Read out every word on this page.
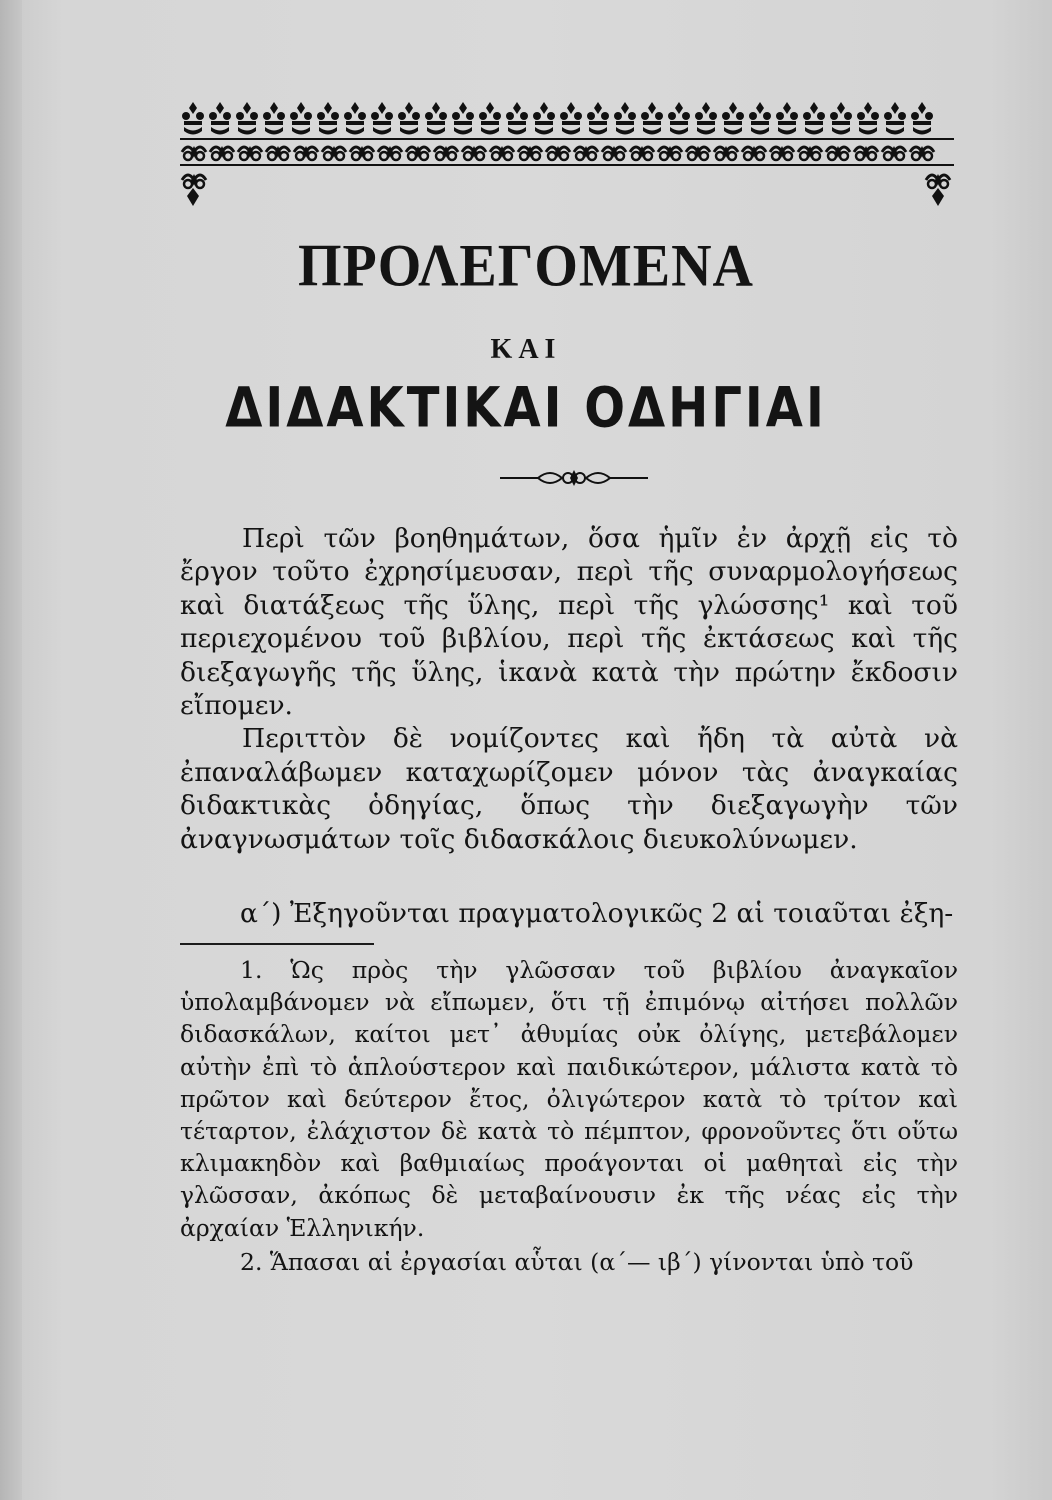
ΠΡΟΛΕΓΟΜΕΝΑ
ΚΑΙ
ΔΙΔΑΚΤΙΚΑΙ ΟΔΗΓΙΑΙ

Περὶ τῶν βοηθημάτων, ὅσα ἡμῖν ἐν ἀρχῇ εἰς τὸ ἔργον τοῦτο ἐχρησίμευσαν, περὶ τῆς συναρμολογήσεως καὶ διατάξεως τῆς ὕλης, περὶ τῆς γλώσσης¹ καὶ τοῦ περιεχομένου τοῦ βιβλίου, περὶ τῆς ἐκτάσεως καὶ τῆς διεξαγωγῆς τῆς ὕλης, ἱκανὰ κατὰ τὴν πρώτην ἔκδοσιν εἴπομεν.

Περιττὸν δὲ νομίζοντες καὶ ἤδη τὰ αὐτὰ νὰ ἐπαναλάβωμεν καταχωρίζομεν μόνον τὰς ἀναγκαίας διδακτικὰς ὁδηγίας, ὅπως τὴν διεξαγωγὴν τῶν ἀναγνωσμάτων τοῖς διδασκάλοις διευκολύνωμεν.

α΄) Ἐξηγοῦνται πραγματολογικῶς 2 αἱ τοιαῦται ἐξη-

1. Ὡς πρὸς τὴν γλῶσσαν τοῦ βιβλίου ἀναγκαῖον ὑπολαμβάνομεν νὰ εἴπωμεν, ὅτι τῇ ἐπιμόνῳ αἰτήσει πολλῶν διδασκάλων, καίτοι μετ᾽ ἀθυμίας οὐκ ὀλίγης, μετεβάλομεν αὐτὴν ἐπὶ τὸ ἁπλούστερον καὶ παιδικώτερον, μάλιστα κατὰ τὸ πρῶτον καὶ δεύτερον ἔτος, ὀλιγώτερον κατὰ τὸ τρίτον καὶ τέταρτον, ἐλάχιστον δὲ κατὰ τὸ πέμπτον, φρονοῦντες ὅτι οὕτω κλιμακηδὸν καὶ βαθμιαίως προάγονται οἱ μαθηταὶ εἰς τὴν γλῶσσαν, ἀκόπως δὲ μεταβαίνουσιν ἐκ τῆς νέας εἰς τὴν ἀρχαίαν Ἑλληνικήν.

2. Ἅπασαι αἱ ἐργασίαι αὗται (α΄— ιβ΄) γίνονται ὑπὸ τοῦ
